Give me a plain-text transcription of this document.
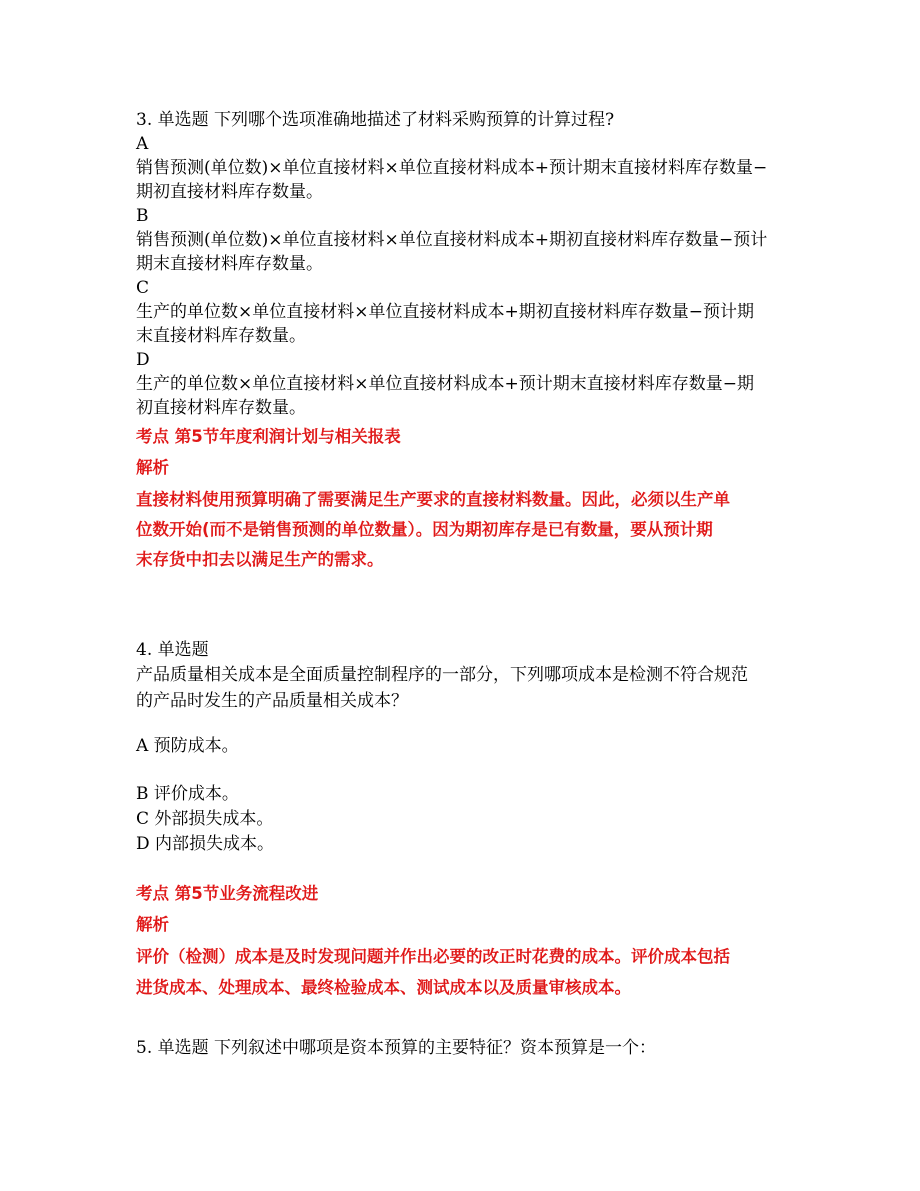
3. 单选题 下列哪个选项准确地描述了材料采购预算的计算过程?
A
销售预测(单位数)×单位直接材料×单位直接材料成本+预计期末直接材料库存数量−
期初直接材料库存数量。
B
销售预测(单位数)×单位直接材料×单位直接材料成本+期初直接材料库存数量−预计
期末直接材料库存数量。
C
生产的单位数×单位直接材料×单位直接材料成本+期初直接材料库存数量−预计期
末直接材料库存数量。
D
生产的单位数×单位直接材料×单位直接材料成本+预计期末直接材料库存数量−期
初直接材料库存数量。
考点 第5节年度利润计划与相关报表
解析
直接材料使用预算明确了需要满足生产要求的直接材料数量。因此，必须以生产单
位数开始(而不是销售预测的单位数量）。因为期初库存是已有数量，要从预计期
末存货中扣去以满足生产的需求。
4. 单选题
产品质量相关成本是全面质量控制程序的一部分，下列哪项成本是检测不符合规范
的产品时发生的产品质量相关成本？
A 预防成本。
B 评价成本。
C 外部损失成本。
D 内部损失成本。
考点 第5节业务流程改进
解析
评价（检测）成本是及时发现问题并作出必要的改正时花费的成本。评价成本包括
进货成本、处理成本、最终检验成本、测试成本以及质量审核成本。
5. 单选题 下列叙述中哪项是资本预算的主要特征？资本预算是一个：
